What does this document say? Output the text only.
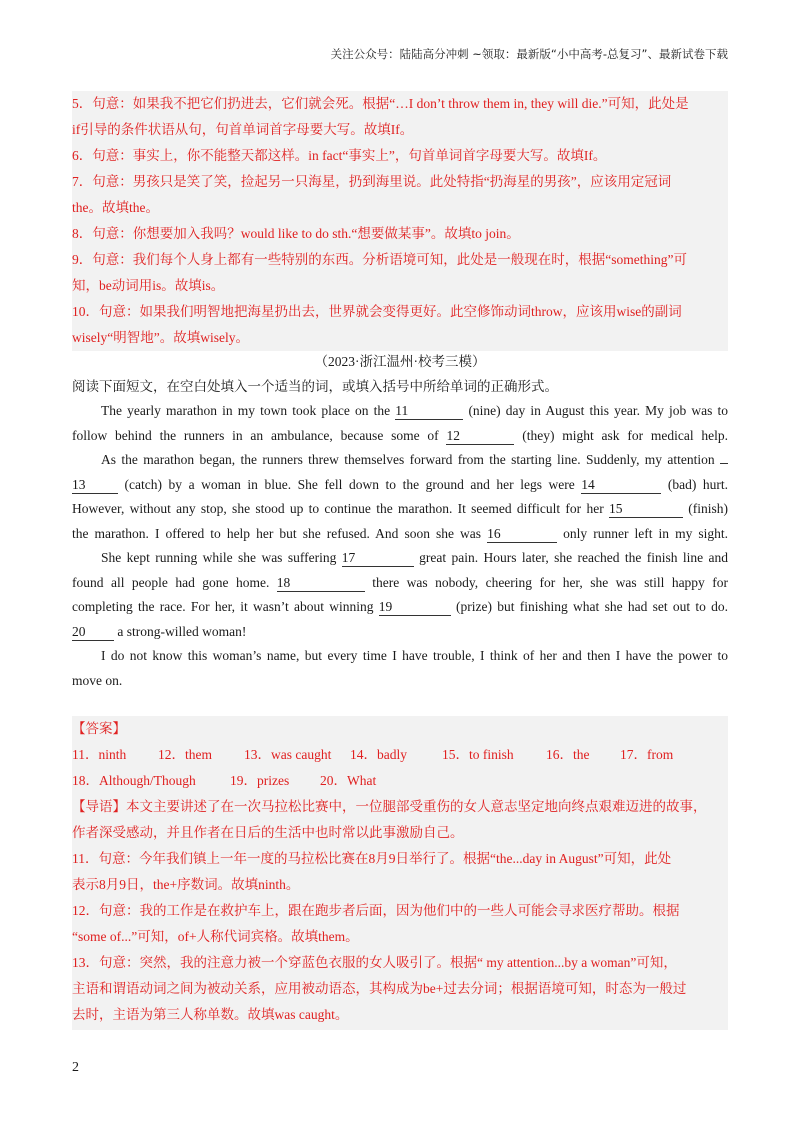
关注公众号：陆陆高分冲刺 ~领取：最新版“小中高考-总复习”、最新试卷下载
5．句意：如果我不把它们扔进去，它们就会死。根据“…I don’t throw them in, they will die.”可知，此处是
if引导的条件状语从句，句首单词首字母要大写。故填If。
6．句意：事实上，你不能整天都这样。in fact“事实上”，句首单词首字母要大写。故填If。
7．句意：男孩只是笑了笑，捡起另一只海星，扔到海里说。此处特指“扔海星的男孩”，应该用定冠词
the。故填the。
8．句意：你想要加入我吗？would like to do sth.“想要做某事”。故填to join。
9．句意：我们每个人身上都有一些特别的东西。分析语境可知，此处是一般现在时，根据“something”可
知，be动词用is。故填is。
10．句意：如果我们明智地把海星扔出去，世界就会变得更好。此空修饰动词throw，应该用wise的副词
wisely“明智地”。故填wisely。
（2023·浙江温州·校考三模）
阅读下面短文，在空白处填入一个适当的词，或填入括号中所给单词的正确形式。
The yearly marathon in my town took place on the 11	(nine) day in August this year. My job was to
follow behind the runners in an ambulance, because some of 12	(they) might ask for medical help.
As the marathon began, the runners threw themselves forward from the starting line. Suddenly, my attention
13	(catch) by a woman in blue. She fell down to the ground and her legs were 14	(bad) hurt.
However, without any stop, she stood up to continue the marathon. It seemed difficult for her 15	(finish)
the marathon. I offered to help her but she refused. And soon she was 16	only runner left in my sight.
She kept running while she was suffering 17	great pain. Hours later, she reached the finish line and
found all people had gone home. 18	there was nobody, cheering for her, she was still happy for
completing the race. For her, it wasn’t about winning 19	(prize) but finishing what she had set out to do.
20 a strong-willed woman!
I do not know this woman’s name, but every time I have trouble, I think of her and then I have the power to
move on.
【答案】
11．ninth 12．them 13．was caught 14．badly	15．to finish 16．the 17．from
18．Although/Though	19．prizes 20．What
【导语】本文主要讲述了在一次马拉松比赛中，一位腿部受重伤的女人意志坚定地向终点艰难迈进的故事，
作者深受感动，并且作者在日后的生活中也时常以此事激励自己。
11．句意：今年我们镇上一年一度的马拉松比赛在8月9日举行了。根据“the...day in August”可知，此处
表示8月9日，the+序数词。故填ninth。
12．句意：我的工作是在救护车上，跟在跑步者后面，因为他们中的一些人可能会寻求医疗帮助。根据
“some of...”可知，of+人称代词宾格。故填them。
13．句意：突然，我的注意力被一个穿蓝色衣服的女人吸引了。根据“ my attention...by a woman”可知，
主语和谓语动词之间为被动关系，应用被动语态，其构成为be+过去分词；根据语境可知，时态为一般过
去时，主语为第三人称单数。故填was caught。
2
